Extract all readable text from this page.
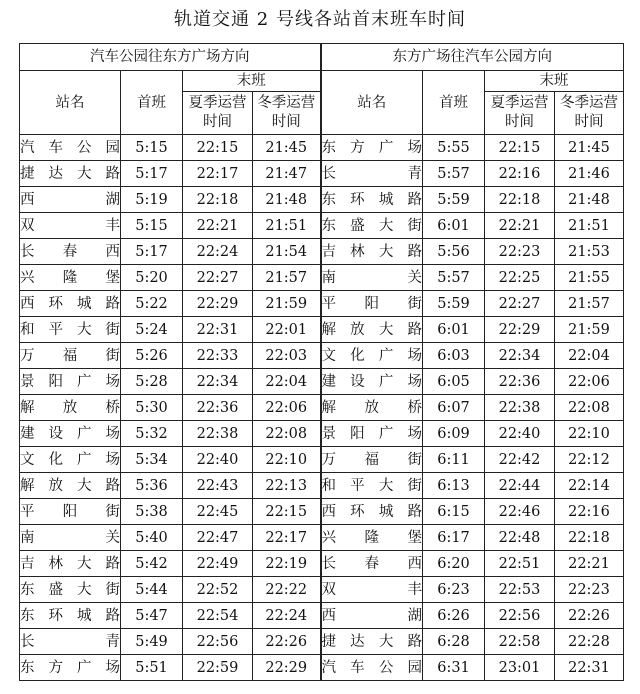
轨道交通 2 号线各站首末班车时间
汽车公园往东方广场方向				东方广场往汽车公园方向			
站名	首班	末班		站名	首班	末班	
		夏季运营时间	冬季运营时间			夏季运营时间	冬季运营时间
汽车公园	5:15	22:15	21:45	东方广场	5:55	22:15	21:45
捷达大路	5:17	22:17	21:47	长青	5:57	22:16	21:46
西湖	5:19	22:18	21:48	东环城路	5:59	22:18	21:48
双丰	5:15	22:21	21:51	东盛大街	6:01	22:21	21:51
长春西	5:17	22:24	21:54	吉林大路	5:56	22:23	21:53
兴隆堡	5:20	22:27	21:57	南关	5:57	22:25	21:55
西环城路	5:22	22:29	21:59	平阳街	5:59	22:27	21:57
和平大街	5:24	22:31	22:01	解放大路	6:01	22:29	21:59
万福街	5:26	22:33	22:03	文化广场	6:03	22:34	22:04
景阳广场	5:28	22:34	22:04	建设广场	6:05	22:36	22:06
解放桥	5:30	22:36	22:06	解放桥	6:07	22:38	22:08
建设广场	5:32	22:38	22:08	景阳广场	6:09	22:40	22:10
文化广场	5:34	22:40	22:10	万福街	6:11	22:42	22:12
解放大路	5:36	22:43	22:13	和平大街	6:13	22:44	22:14
平阳街	5:38	22:45	22:15	西环城路	6:15	22:46	22:16
南关	5:40	22:47	22:17	兴隆堡	6:17	22:48	22:18
吉林大路	5:42	22:49	22:19	长春西	6:20	22:51	22:21
东盛大街	5:44	22:52	22:22	双丰	6:23	22:53	22:23
东环城路	5:47	22:54	22:24	西湖	6:26	22:56	22:26
长青	5:49	22:56	22:26	捷达大路	6:28	22:58	22:28
东方广场	5:51	22:59	22:29	汽车公园	6:31	23:01	22:31
